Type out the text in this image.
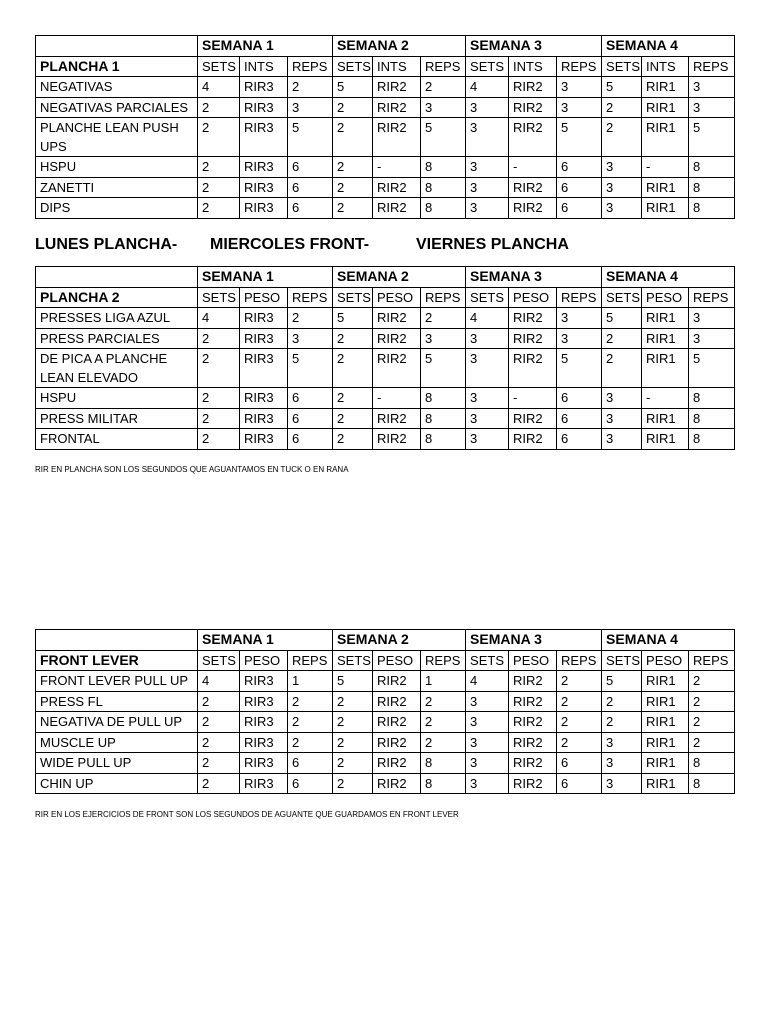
	SEMANA 1			SEMANA 2			SEMANA 3			SEMANA 4		
PLANCHA 1	SETS	INTS	REPS	SETS	INTS	REPS	SETS	INTS	REPS	SETS	INTS	REPS
NEGATIVAS	4	RIR3	2	5	RIR2	2	4	RIR2	3	5	RIR1	3
NEGATIVAS PARCIALES	2	RIR3	3	2	RIR2	3	3	RIR2	3	2	RIR1	3
PLANCHE LEAN PUSH UPS	2	RIR3	5	2	RIR2	5	3	RIR2	5	2	RIR1	5
HSPU	2	RIR3	6	2	-	8	3	-	6	3	-	8
ZANETTI	2	RIR3	6	2	RIR2	8	3	RIR2	6	3	RIR1	8
DIPS	2	RIR3	6	2	RIR2	8	3	RIR2	6	3	RIR1	8
LUNES PLANCHA- MIERCOLES FRONT-	VIERNES PLANCHA
	SEMANA 1			SEMANA 2			SEMANA 3			SEMANA 4		
PLANCHA 2	SETS	PESO	REPS	SETS	PESO	REPS	SETS	PESO	REPS	SETS	PESO	REPS
PRESSES LIGA AZUL	4	RIR3	2	5	RIR2	2	4	RIR2	3	5	RIR1	3
PRESS PARCIALES	2	RIR3	3	2	RIR2	3	3	RIR2	3	2	RIR1	3
DE PICA A PLANCHE LEAN ELEVADO	2	RIR3	5	2	RIR2	5	3	RIR2	5	2	RIR1	5
HSPU	2	RIR3	6	2	-	8	3	-	6	3	-	8
PRESS MILITAR	2	RIR3	6	2	RIR2	8	3	RIR2	6	3	RIR1	8
FRONTAL	2	RIR3	6	2	RIR2	8	3	RIR2	6	3	RIR1	8
RIR EN PLANCHA SON LOS SEGUNDOS QUE AGUANTAMOS EN TUCK O EN RANA
	SEMANA 1			SEMANA 2			SEMANA 3			SEMANA 4		
FRONT LEVER	SETS	PESO	REPS	SETS	PESO	REPS	SETS	PESO	REPS	SETS	PESO	REPS
FRONT LEVER PULL UP	4	RIR3	1	5	RIR2	1	4	RIR2	2	5	RIR1	2
PRESS FL	2	RIR3	2	2	RIR2	2	3	RIR2	2	2	RIR1	2
NEGATIVA DE PULL UP	2	RIR3	2	2	RIR2	2	3	RIR2	2	2	RIR1	2
MUSCLE UP	2	RIR3	2	2	RIR2	2	3	RIR2	2	3	RIR1	2
WIDE PULL UP	2	RIR3	6	2	RIR2	8	3	RIR2	6	3	RIR1	8
CHIN UP	2	RIR3	6	2	RIR2	8	3	RIR2	6	3	RIR1	8
RIR EN LOS EJERCICIOS DE FRONT SON LOS SEGUNDOS DE AGUANTE QUE GUARDAMOS EN FRONT LEVER
